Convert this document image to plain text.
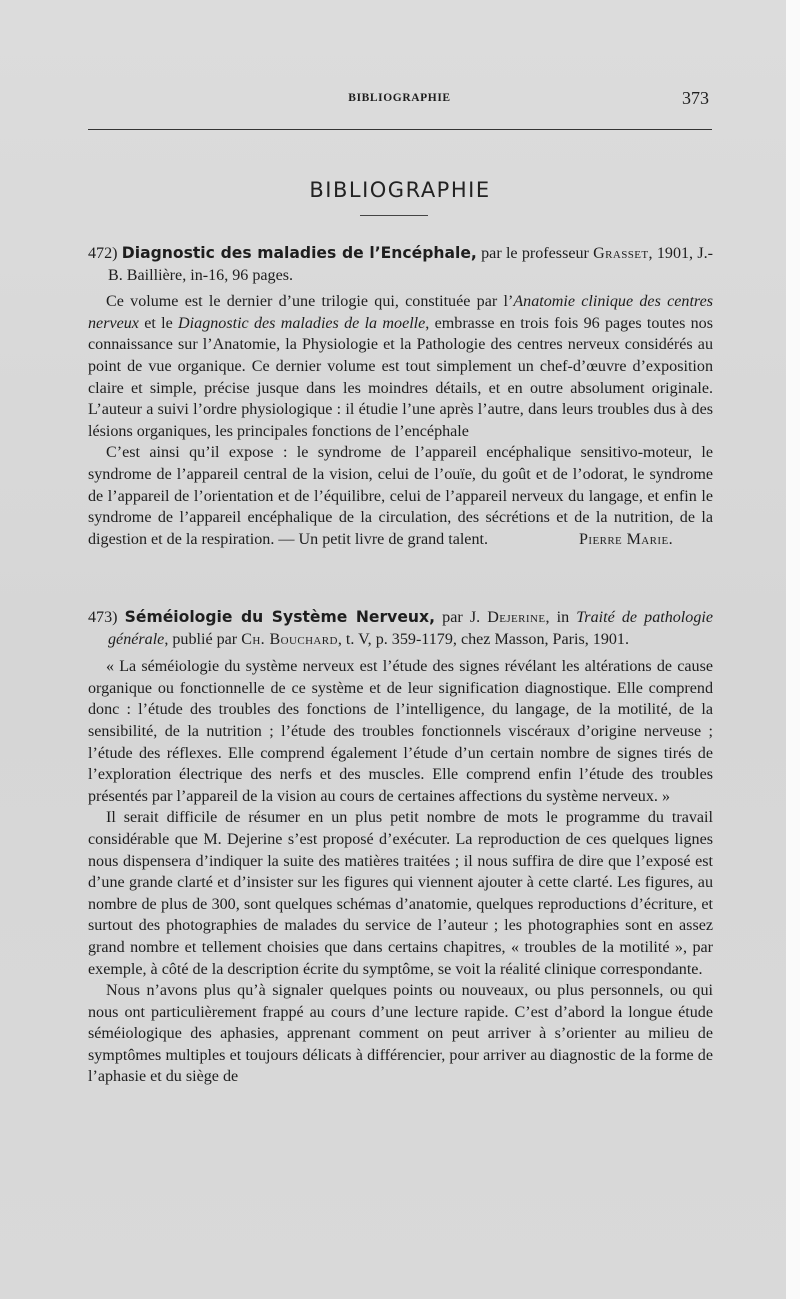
BIBLIOGRAPHIE	373
BIBLIOGRAPHIE

472) Diagnostic des maladies de l’Encéphale, par le professeur Grasset, 1901, J.-B. Baillière, in-16, 96 pages.

Ce volume est le dernier d’une trilogie qui, constituée par l’Anatomie clinique des centres nerveux et le Diagnostic des maladies de la moelle, embrasse en trois fois 96 pages toutes nos connaissance sur l’Anatomie, la Physiologie et la Pathologie des centres nerveux considérés au point de vue organique. Ce dernier volume est tout simplement un chef-d’œuvre d’exposition claire et simple, précise jusque dans les moindres détails, et en outre absolument originale. L’auteur a suivi l’ordre physiologique : il étudie l’une après l’autre, dans leurs troubles dus à des lésions organiques, les principales fonctions de l’encéphale

C’est ainsi qu’il expose : le syndrome de l’appareil encéphalique sensitivo-moteur, le syndrome de l’appareil central de la vision, celui de l’ouïe, du goût et de l’odorat, le syndrome de l’appareil de l’orientation et de l’équilibre, celui de l’appareil nerveux du langage, et enfin le syndrome de l’appareil encéphalique de la circulation, des sécrétions et de la nutrition, de la digestion et de la respiration. — Un petit livre de grand talent.	Pierre Marie.

473) Séméiologie du Système Nerveux, par J. Dejerine, in Traité de pathologie générale, publié par Ch. Bouchard, t. V, p. 359-1179, chez Masson, Paris, 1901.

« La séméiologie du système nerveux est l’étude des signes révélant les altérations de cause organique ou fonctionnelle de ce système et de leur signification diagnostique. Elle comprend donc : l’étude des troubles des fonctions de l’intelligence, du langage, de la motilité, de la sensibilité, de la nutrition ; l’étude des troubles fonctionnels viscéraux d’origine nerveuse ; l’étude des réflexes. Elle comprend également l’étude d’un certain nombre de signes tirés de l’exploration électrique des nerfs et des muscles. Elle comprend enfin l’étude des troubles présentés par l’appareil de la vision au cours de certaines affections du système nerveux. »

Il serait difficile de résumer en un plus petit nombre de mots le programme du travail considérable que M. Dejerine s’est proposé d’exécuter. La reproduction de ces quelques lignes nous dispensera d’indiquer la suite des matières traitées ; il nous suffira de dire que l’exposé est d’une grande clarté et d’insister sur les figures qui viennent ajouter à cette clarté. Les figures, au nombre de plus de 300, sont quelques schémas d’anatomie, quelques reproductions d’écriture, et surtout des photographies de malades du service de l’auteur ; les photographies sont en assez grand nombre et tellement choisies que dans certains chapitres, « troubles de la motilité », par exemple, à côté de la description écrite du symptôme, se voit la réalité clinique correspondante.

Nous n’avons plus qu’à signaler quelques points ou nouveaux, ou plus personnels, ou qui nous ont particulièrement frappé au cours d’une lecture rapide. C’est d’abord la longue étude séméiologique des aphasies, apprenant comment on peut arriver à s’orienter au milieu de symptômes multiples et toujours délicats à différencier, pour arriver au diagnostic de la forme de l’aphasie et du siège de
